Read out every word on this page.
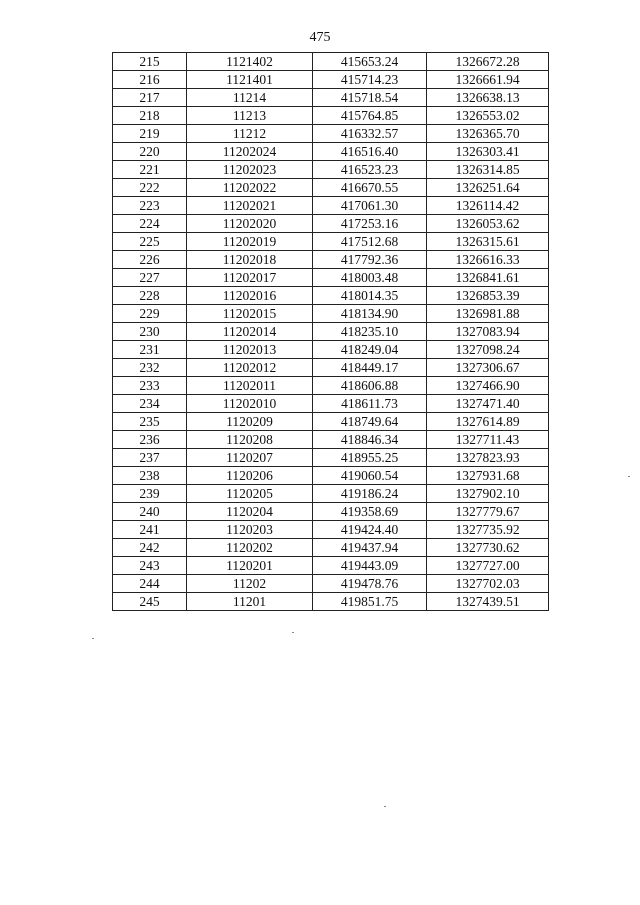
475
215	1121402	415653.24	1326672.28
216	1121401	415714.23	1326661.94
217	11214	415718.54	1326638.13
218	11213	415764.85	1326553.02
219	11212	416332.57	1326365.70
220	11202024	416516.40	1326303.41
221	11202023	416523.23	1326314.85
222	11202022	416670.55	1326251.64
223	11202021	417061.30	1326114.42
224	11202020	417253.16	1326053.62
225	11202019	417512.68	1326315.61
226	11202018	417792.36	1326616.33
227	11202017	418003.48	1326841.61
228	11202016	418014.35	1326853.39
229	11202015	418134.90	1326981.88
230	11202014	418235.10	1327083.94
231	11202013	418249.04	1327098.24
232	11202012	418449.17	1327306.67
233	11202011	418606.88	1327466.90
234	11202010	418611.73	1327471.40
235	1120209	418749.64	1327614.89
236	1120208	418846.34	1327711.43
237	1120207	418955.25	1327823.93
238	1120206	419060.54	1327931.68
239	1120205	419186.24	1327902.10
240	1120204	419358.69	1327779.67
241	1120203	419424.40	1327735.92
242	1120202	419437.94	1327730.62
243	1120201	419443.09	1327727.00
244	11202	419478.76	1327702.03
245	11201	419851.75	1327439.51
